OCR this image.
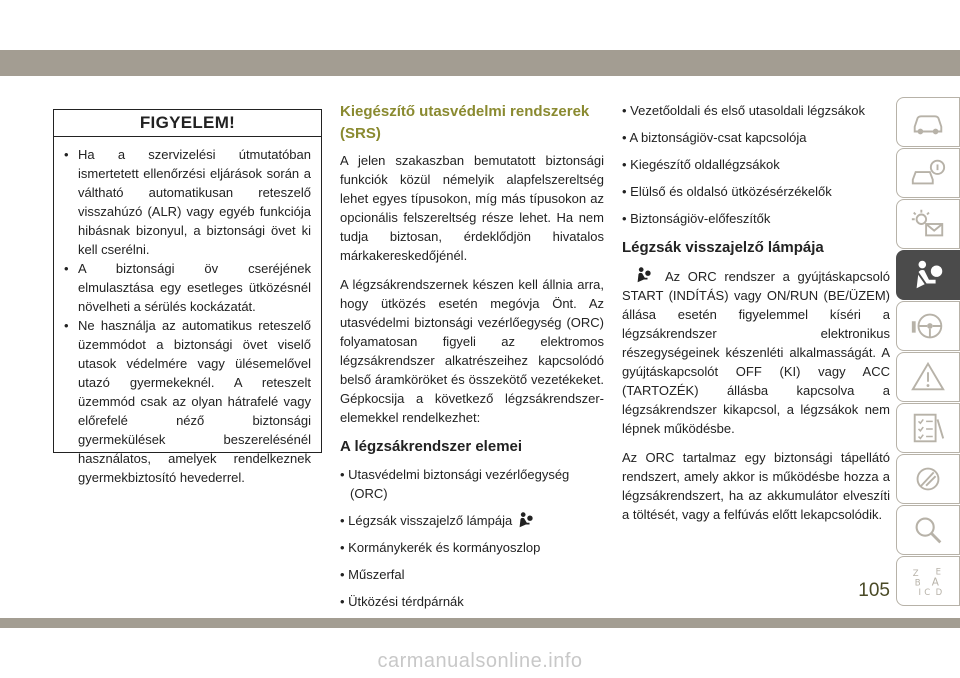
FIGYELEM!
• Ha a szervizelési útmutatóban ismertetett ellenőrzési eljárások során a váltható automatikusan reteszelő visszahúzó (ALR) vagy egyéb funkciója hibásnak bizonyul, a biztonsági övet ki kell cserélni.
• A biztonsági öv cseréjének elmulasztása egy esetleges ütközésnél növelheti a sérülés kockázatát.
• Ne használja az automatikus reteszelő üzemmódot a biztonsági övet viselő utasok védelmére vagy ülésemelővel utazó gyermekeknél. A reteszelt üzemmód csak az olyan hátrafelé vagy előrefelé néző biztonsági gyermekülések beszerelésénél használatos, amelyek rendelkeznek gyermekbiztosító hevederrel.
Kiegészítő utasvédelmi rendszerek (SRS)

A jelen szakaszban bemutatott biztonsági funkciók közül némelyik alapfelszereltség lehet egyes típusokon, míg más típusokon az opcionális felszereltség része lehet. Ha nem tudja biztosan, érdeklődjön hivatalos márkakereskedőjénél.

A légzsákrendszernek készen kell állnia arra, hogy ütközés esetén megóvja Önt. Az utasvédelmi biztonsági vezérlőegység (ORC) folyamatosan figyeli az elektromos légzsákrendszer alkatrészeihez kapcsolódó belső áramköröket és összekötő vezetékeket. Gépkocsija a következő légzsákrendszer-elemekkel rendelkezhet:

A légzsákrendszer elemei
• Utasvédelmi biztonsági vezérlőegység (ORC)
• Légzsák visszajelző lámpája
• Kormánykerék és kormányoszlop
• Műszerfal
• Ütközési térdpárnák
• Vezetőoldali és első utasoldali légzsákok
• A biztonságiöv-csat kapcsolója
• Kiegészítő oldallégzsákok
• Elülső és oldalsó ütközésérzékelők
• Biztonságiöv-előfeszítők
Légzsák visszajelző lámpája

Az ORC rendszer a gyújtáskapcsoló START (INDÍTÁS) vagy ON/RUN (BE/ÜZEM) állása esetén figyelemmel kíséri a légzsákrendszer elektronikus részegységeinek készenléti alkalmasságát. A gyújtáskapcsolót OFF (KI) vagy ACC (TARTOZÉK) állásba kapcsolva a légzsákrendszer kikapcsol, a légzsákok nem lépnek működésbe.

Az ORC tartalmaz egy biztonsági tápellátó rendszert, amely akkor is működésbe hozza a légzsákrendszert, ha az akkumulátor elveszíti a töltését, vagy a felfúvás előtt lekapcsolódik.

Z E
B A
I C D
105
carmanualsonline.info
